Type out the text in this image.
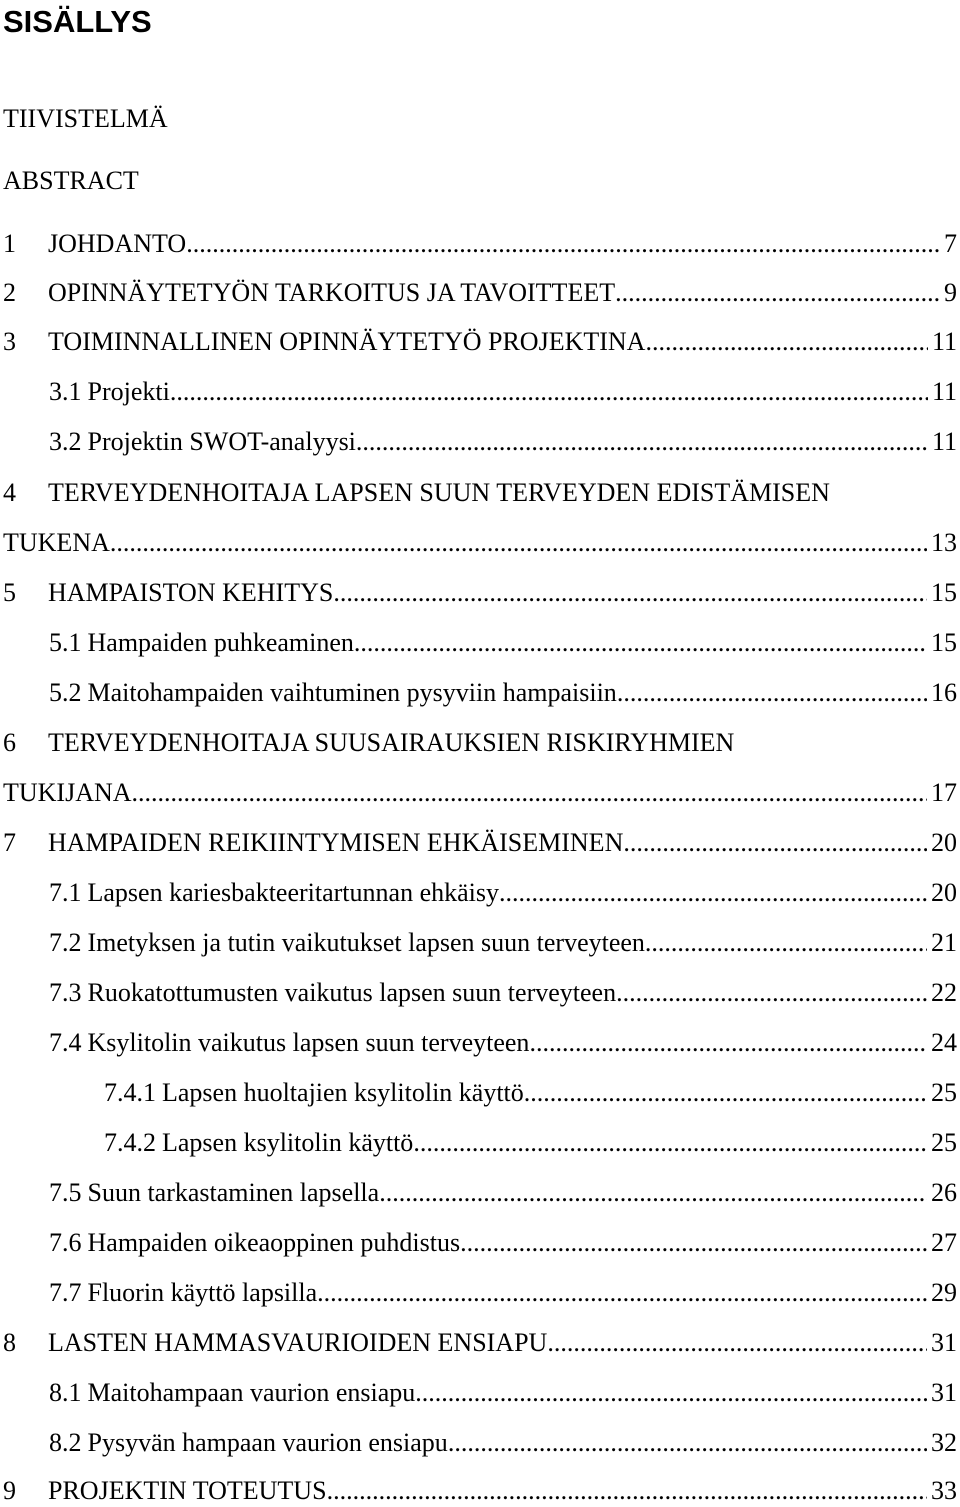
SISÄLLYS
TIIVISTELMÄ
ABSTRACT
1	JOHDANTO .....	7
2	OPINNÄYTETYÖN TARKOITUS JA TAVOITTEET .....	9
3	TOIMINNALLINEN OPINNÄYTETYÖ PROJEKTINA .....	11
3.1 Projekti .....	11
3.2 Projektin SWOT-analyysi .....	11
4 TERVEYDENHOITAJA LAPSEN SUUN TERVEYDEN EDISTÄMISEN
TUKENA .....	13
5	HAMPAISTON KEHITYS .....	15
5.1 Hampaiden puhkeaminen .....	15
5.2 Maitohampaiden vaihtuminen pysyviin hampaisiin .....	16
6 TERVEYDENHOITAJA SUUSAIRAUKSIEN RISKIRYHMIEN
TUKIJANA .....	17
7	HAMPAIDEN REIKIINTYMISEN EHKÄISEMINEN .....	20
7.1 Lapsen kariesbakteeritartunnan ehkäisy .....	20
7.2 Imetyksen ja tutin vaikutukset lapsen suun terveyteen .....	21
7.3 Ruokatottumusten vaikutus lapsen suun terveyteen .....	22
7.4 Ksylitolin vaikutus lapsen suun terveyteen .....	24
7.4.1 Lapsen huoltajien ksylitolin käyttö .....	25
7.4.2 Lapsen ksylitolin käyttö .....	25
7.5 Suun tarkastaminen lapsella .....	26
7.6 Hampaiden oikeaoppinen puhdistus .....	27
7.7 Fluorin käyttö lapsilla .....	29
8	LASTEN HAMMASVAURIOIDEN ENSIAPU .....	31
8.1 Maitohampaan vaurion ensiapu .....	31
8.2 Pysyvän hampaan vaurion ensiapu .....	32
9	PROJEKTIN TOTEUTUS .....	33
